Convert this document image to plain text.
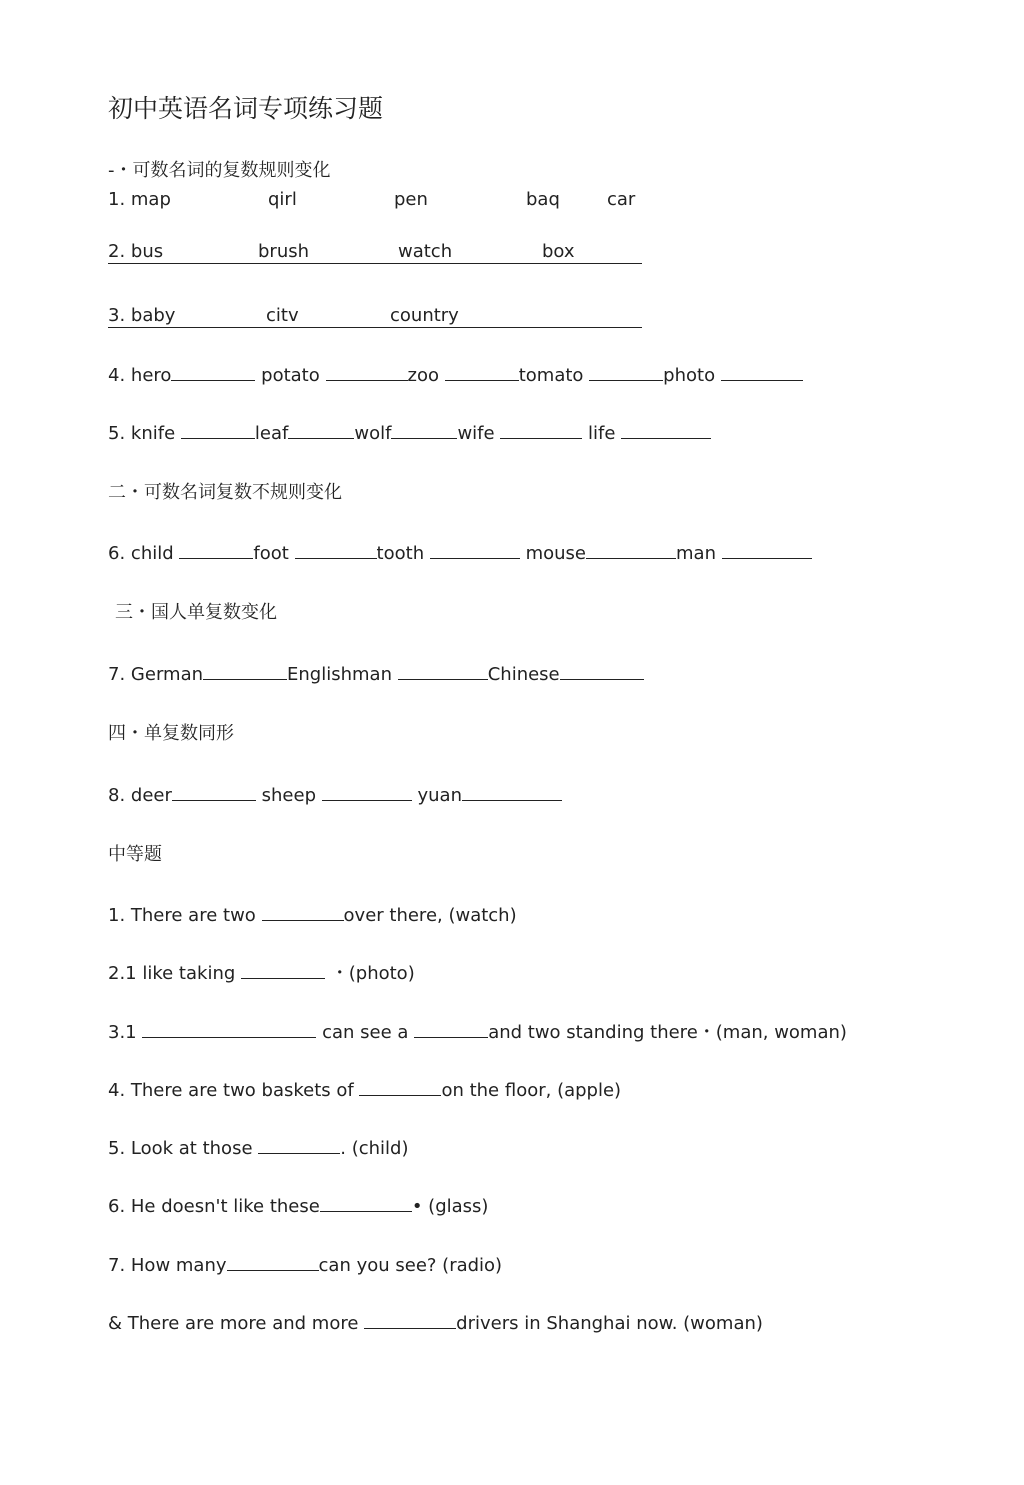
初中英语名词专项练习题
-・可数名词的复数规则变化
1. map	qirl	pen	baq	car
2. bus	brush	watch	box
3. baby	citv	country
4. hero	potato	zoo	tomato	photo
5. knife	leaf	wolf	wife	life
二・可数名词复数不规则变化
6. child	foot	tooth	mouse	man
三・国人单复数变化
7. German	Englishman	Chinese
四・单复数同形
8. deer	sheep	yuan
中等题
1. There are two	over there, (watch)
2.1 like taking	・(photo)
3.1	can see a	and two standing there・(man, woman)
4. There are two baskets of	on the floor, (apple)
5. Look at those	. (child)
6. He doesn't like these	• (glass)
7. How many	can you see? (radio)
& There are more and more	drivers in Shanghai now. (woman)
